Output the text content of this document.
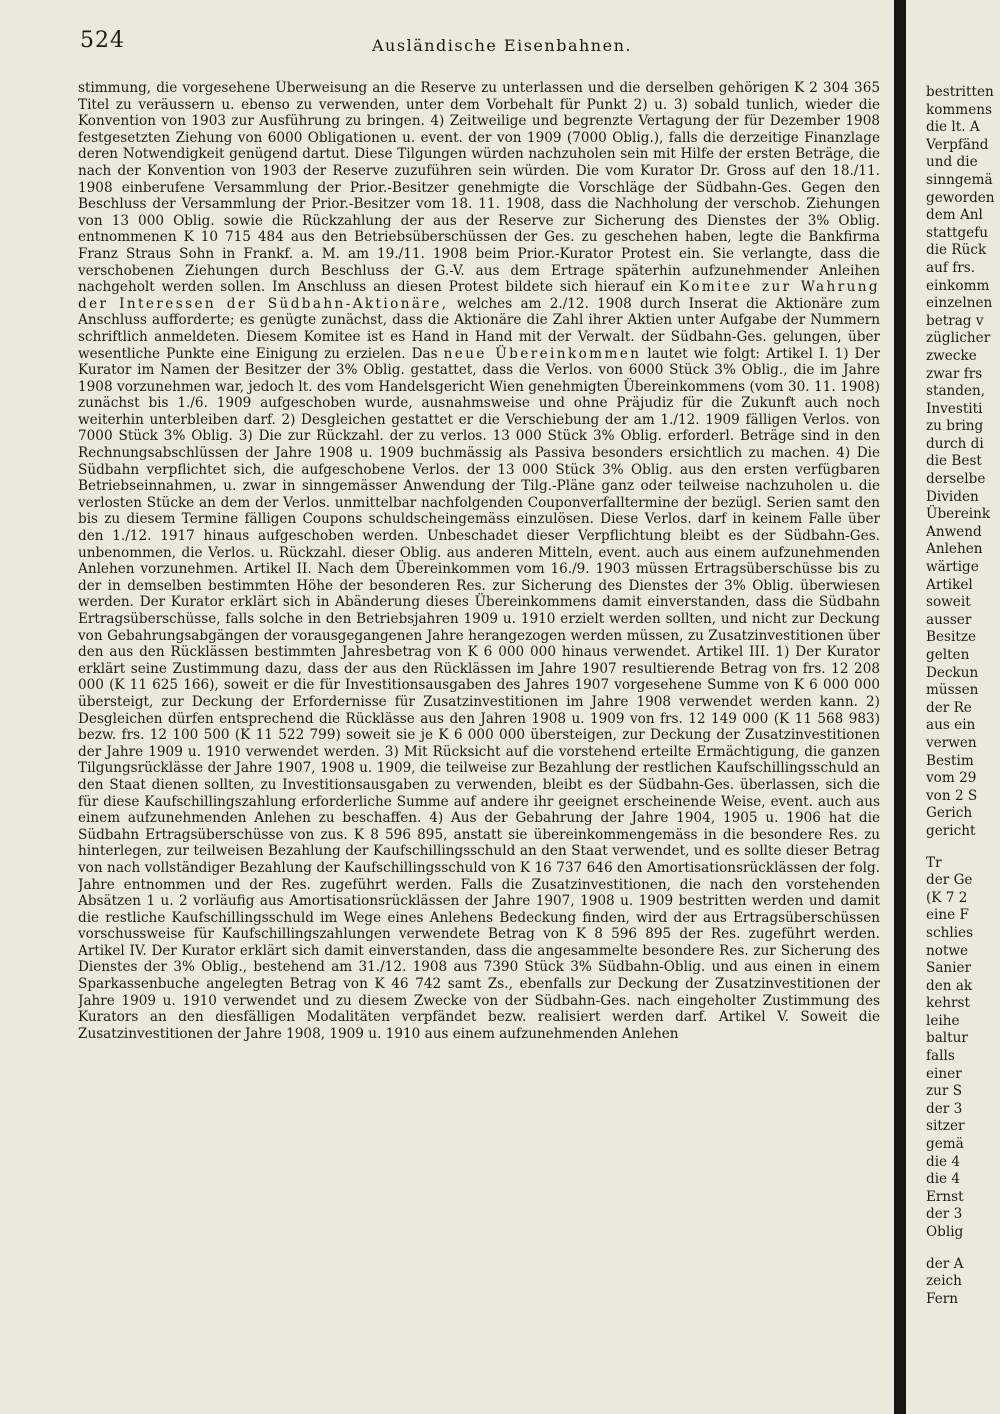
524	Ausländische Eisenbahnen.

stimmung, die vorgesehene Überweisung an die Reserve zu unterlassen und die derselben gehörigen K 2 304 365 Titel zu veräussern u. ebenso zu verwenden, unter dem Vorbehalt für Punkt 2) u. 3) sobald tunlich, wieder die Konvention von 1903 zur Ausführung zu bringen. 4) Zeitweilige und begrenzte Vertagung der für Dezember 1908 festgesetzten Ziehung von 6000 Obligationen u. event. der von 1909 (7000 Oblig.), falls die derzeitige Finanzlage deren Notwendigkeit genügend dartut. Diese Tilgungen würden nachzuholen sein mit Hilfe der ersten Beträge, die nach der Konvention von 1903 der Reserve zuzuführen sein würden. Die vom Kurator Dr. Gross auf den 18./11. 1908 einberufene Versammlung der Prior.-Besitzer genehmigte die Vorschläge der Südbahn-Ges. Gegen den Beschluss der Versammlung der Prior.-Besitzer vom 18. 11. 1908, dass die Nachholung der verschob. Ziehungen von 13 000 Oblig. sowie die Rückzahlung der aus der Reserve zur Sicherung des Dienstes der 3% Oblig. entnommenen K 10 715 484 aus den Betriebsüberschüssen der Ges. zu geschehen haben, legte die Bankfirma Franz Straus Sohn in Frankf. a. M. am 19./11. 1908 beim Prior.-Kurator Protest ein. Sie verlangte, dass die verschobenen Ziehungen durch Beschluss der G.-V. aus dem Ertrage späterhin aufzunehmender Anleihen nachgeholt werden sollen. Im Anschluss an diesen Protest bildete sich hierauf ein Komitee zur Wahrung der Interessen der Südbahn-Aktionäre, welches am 2./12. 1908 durch Inserat die Aktionäre zum Anschluss aufforderte; es genügte zunächst, dass die Aktionäre die Zahl ihrer Aktien unter Aufgabe der Nummern schriftlich anmeldeten. Diesem Komitee ist es Hand in Hand mit der Verwalt. der Südbahn-Ges. gelungen, über wesentliche Punkte eine Einigung zu erzielen. Das neue Übereinkommen lautet wie folgt: Artikel I. 1) Der Kurator im Namen der Besitzer der 3% Oblig. gestattet, dass die Verlos. von 6000 Stück 3% Oblig., die im Jahre 1908 vorzunehmen war, jedoch lt. des vom Handelsgericht Wien genehmigten Übereinkommens (vom 30. 11. 1908) zunächst bis 1./6. 1909 aufgeschoben wurde, ausnahmsweise und ohne Präjudiz für die Zukunft auch noch weiterhin unterbleiben darf. 2) Desgleichen gestattet er die Verschiebung der am 1./12. 1909 fälligen Verlos. von 7000 Stück 3% Oblig. 3) Die zur Rückzahl. der zu verlos. 13 000 Stück 3% Oblig. erforderl. Beträge sind in den Rechnungsabschlüssen der Jahre 1908 u. 1909 buchmässig als Passiva besonders ersichtlich zu machen. 4) Die Südbahn verpflichtet sich, die aufgeschobene Verlos. der 13 000 Stück 3% Oblig. aus den ersten verfügbaren Betriebseinnahmen, u. zwar in sinngemässer Anwendung der Tilg.-Pläne ganz oder teilweise nachzuholen u. die verlosten Stücke an dem der Verlos. unmittelbar nachfolgenden Couponverfalltermine der bezügl. Serien samt den bis zu diesem Termine fälligen Coupons schuldscheingemäss einzulösen. Diese Verlos. darf in keinem Falle über den 1./12. 1917 hinaus aufgeschoben werden. Unbeschadet dieser Verpflichtung bleibt es der Südbahn-Ges. unbenommen, die Verlos. u. Rückzahl. dieser Oblig. aus anderen Mitteln, event. auch aus einem aufzunehmenden Anlehen vorzunehmen. Artikel II. Nach dem Übereinkommen vom 16./9. 1903 müssen Ertragsüberschüsse bis zu der in demselben bestimmten Höhe der besonderen Res. zur Sicherung des Dienstes der 3% Oblig. überwiesen werden. Der Kurator erklärt sich in Abänderung dieses Übereinkommens damit einverstanden, dass die Südbahn Ertragsüberschüsse, falls solche in den Betriebsjahren 1909 u. 1910 erzielt werden sollten, und nicht zur Deckung von Gebahrungsabgängen der vorausgegangenen Jahre herangezogen werden müssen, zu Zusatzinvestitionen über den aus den Rücklässen bestimmten Jahresbetrag von K 6 000 000 hinaus verwendet. Artikel III. 1) Der Kurator erklärt seine Zustimmung dazu, dass der aus den Rücklässen im Jahre 1907 resultierende Betrag von frs. 12 208 000 (K 11 625 166), soweit er die für Investitionsausgaben des Jahres 1907 vorgesehene Summe von K 6 000 000 übersteigt, zur Deckung der Erfordernisse für Zusatzinvestitionen im Jahre 1908 verwendet werden kann. 2) Desgleichen dürfen entsprechend die Rücklässe aus den Jahren 1908 u. 1909 von frs. 12 149 000 (K 11 568 983) bezw. frs. 12 100 500 (K 11 522 799) soweit sie je K 6 000 000 übersteigen, zur Deckung der Zusatzinvestitionen der Jahre 1909 u. 1910 verwendet werden. 3) Mit Rücksicht auf die vorstehend erteilte Ermächtigung, die ganzen Tilgungsrücklässe der Jahre 1907, 1908 u. 1909, die teilweise zur Bezahlung der restlichen Kaufschillingsschuld an den Staat dienen sollten, zu Investitionsausgaben zu verwenden, bleibt es der Südbahn-Ges. überlassen, sich die für diese Kaufschillingszahlung erforderliche Summe auf andere ihr geeignet erscheinende Weise, event. auch aus einem aufzunehmenden Anlehen zu beschaffen. 4) Aus der Gebahrung der Jahre 1904, 1905 u. 1906 hat die Südbahn Ertragsüberschüsse von zus. K 8 596 895, anstatt sie übereinkommengemäss in die besondere Res. zu hinterlegen, zur teilweisen Bezahlung der Kaufschillingsschuld an den Staat verwendet, und es sollte dieser Betrag von nach vollständiger Bezahlung der Kaufschillingsschuld von K 16 737 646 den Amortisationsrücklässen der folg. Jahre entnommen und der Res. zugeführt werden. Falls die Zusatzinvestitionen, die nach den vorstehenden Absätzen 1 u. 2 vorläufig aus Amortisationsrücklässen der Jahre 1907, 1908 u. 1909 bestritten werden und damit die restliche Kaufschillingsschuld im Wege eines Anlehens Bedeckung finden, wird der aus Ertragsüberschüssen vorschussweise für Kaufschillingszahlungen verwendete Betrag von K 8 596 895 der Res. zugeführt werden. Artikel IV. Der Kurator erklärt sich damit einverstanden, dass die angesammelte besondere Res. zur Sicherung des Dienstes der 3% Oblig., bestehend am 31./12. 1908 aus 7390 Stück 3% Südbahn-Oblig. und aus einen in einem Sparkassenbuche angelegten Betrag von K 46 742 samt Zs., ebenfalls zur Deckung der Zusatzinvestitionen der Jahre 1909 u. 1910 verwendet und zu diesem Zwecke von der Südbahn-Ges. nach eingeholter Zustimmung des Kurators an den diesfälligen Modalitäten verpfändet bezw. realisiert werden darf. Artikel V. Soweit die Zusatzinvestitionen der Jahre 1908, 1909 u. 1910 aus einem aufzunehmenden Anlehen

bestritten
kommens
die lt. A
Verpfänd
und die
sinngemä
geworden
dem Anl
stattgefu
die Rück
auf frs.
einkomm
einzelnen
betrag v
züglicher
zwecke
zwar frs
standen,
Investiti
zu bring
durch di
die Best
derselbe
Dividen
Übereink
Anwend
Anlehen
wärtige
Artikel
soweit
ausser
Besitze
gelten
Deckun
müssen
der Re
aus ein
verwen
Bestim
vom 29
von 2 S
Gerich
gericht
Tr
der Ge
(K 7 2
eine F
schlies
notwe
Sanier
den ak
kehrst
leihe
baltur
falls
einer
zur S
der 3
sitzer
gemä
die 4
die 4
Ernst
der 3
Oblig
der A
zeich
Fern
